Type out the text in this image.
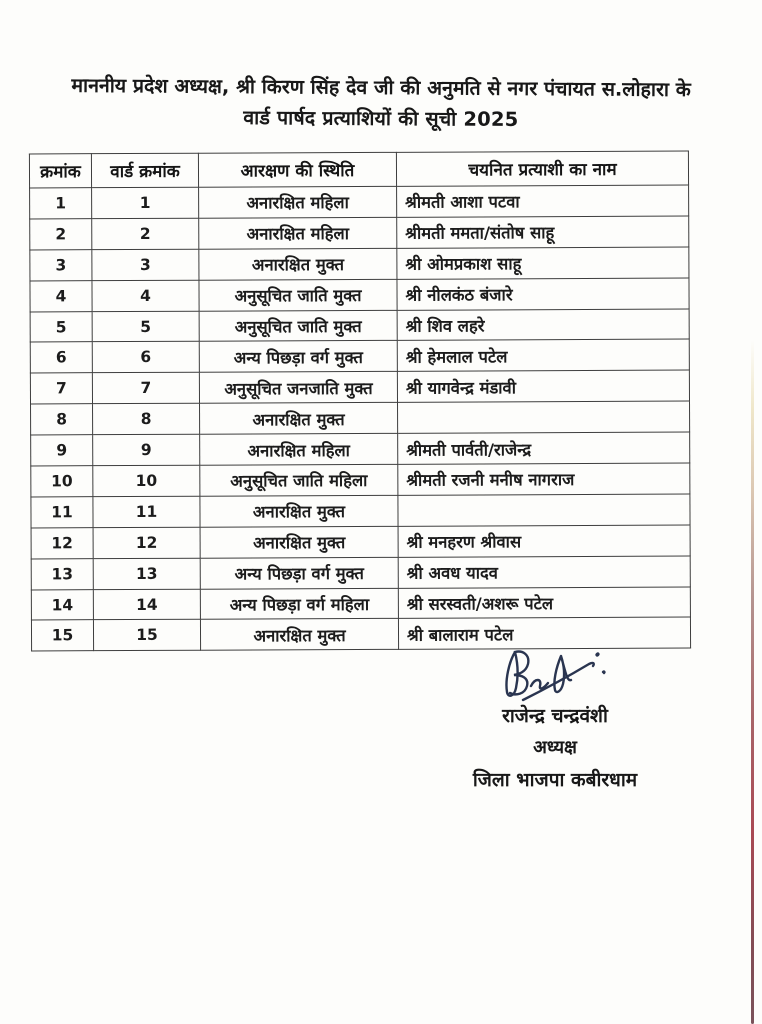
माननीय प्रदेश अध्यक्ष, श्री किरण सिंह देव जी की अनुमति से नगर पंचायत स.लोहारा के
वार्ड पार्षद प्रत्याशियों की सूची 2025
क्रमांक	वार्ड क्रमांक	आरक्षण की स्थिति	चयनित प्रत्याशी का नाम
1	1	अनारक्षित महिला	श्रीमती आशा पटवा
2	2	अनारक्षित महिला	श्रीमती ममता/संतोष साहू
3	3	अनारक्षित मुक्त	श्री ओमप्रकाश साहू
4	4	अनुसूचित जाति मुक्त	श्री नीलकंठ बंजारे
5	5	अनुसूचित जाति मुक्त	श्री शिव लहरे
6	6	अन्य पिछड़ा वर्ग मुक्त	श्री हेमलाल पटेल
7	7	अनुसूचित जनजाति मुक्त	श्री यागवेन्द्र मंडावी
8	8	अनारक्षित मुक्त	
9	9	अनारक्षित महिला	श्रीमती पार्वती/राजेन्द्र
10	10	अनुसूचित जाति महिला	श्रीमती रजनी मनीष नागराज
11	11	अनारक्षित मुक्त	
12	12	अनारक्षित मुक्त	श्री मनहरण श्रीवास
13	13	अन्य पिछड़ा वर्ग मुक्त	श्री अवध यादव
14	14	अन्य पिछड़ा वर्ग महिला	श्री सरस्वती/अशरू पटेल
15	15	अनारक्षित मुक्त	श्री बालाराम पटेल
राजेन्द्र चन्द्रवंशी
अध्यक्ष
जिला भाजपा कबीरधाम
